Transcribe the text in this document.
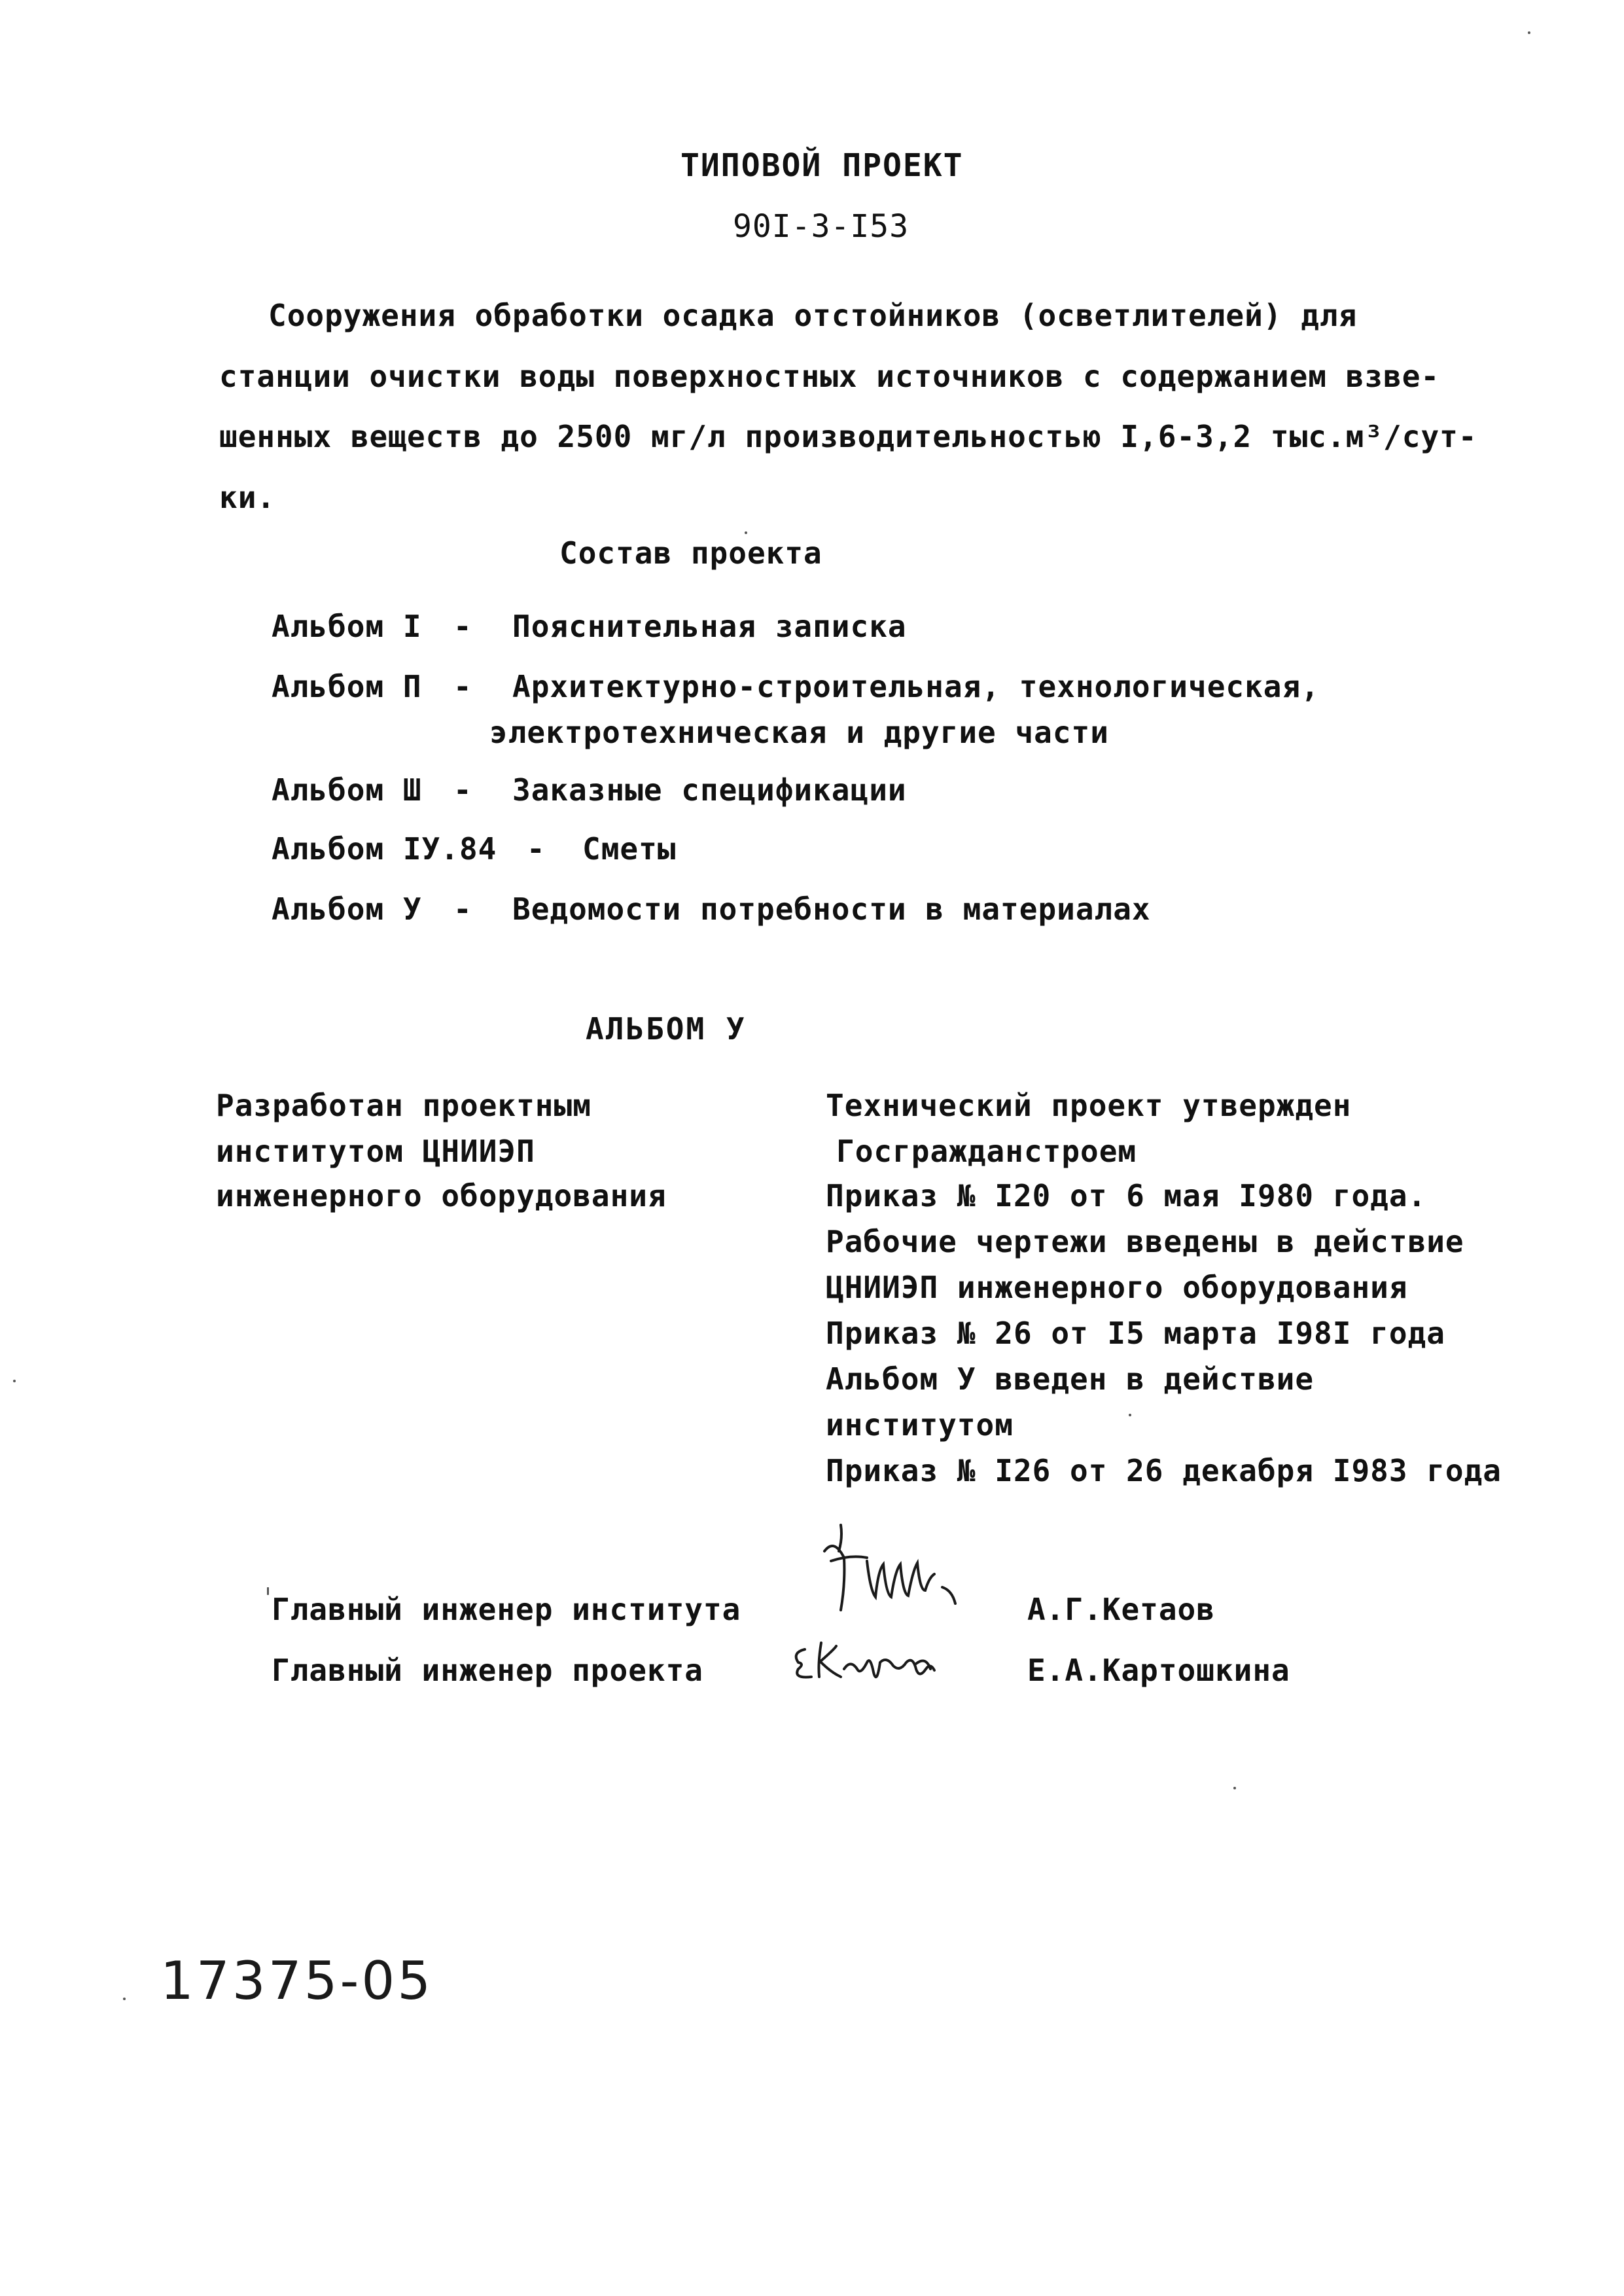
ТИПОВОЙ ПРОЕКТ
90I-3-I53
Сооружения обработки осадка отстойников (осветлителей) для
станции очистки воды поверхностных источников с содержанием взве-
шенных веществ до 2500 мг/л производительностью I,6-3,2 тыс.м³/сут-
ки.
Состав проекта
Альбом I - Пояснительная записка
Альбом П - Архитектурно-строительная, технологическая,
электротехническая и другие части
Альбом Ш - Заказные спецификации
Альбом IУ.84 - Сметы
Альбом У - Ведомости потребности в материалах
АЛЬБОМ У
Разработан проектным
институтом ЦНИИЭП
инженерного оборудования
Технический проект утвержден
Госгражданстроем
Приказ № I20 от 6 мая I980 года.
Рабочие чертежи введены в действие
ЦНИИЭП инженерного оборудования
Приказ № 26 от I5 марта I98I года
Альбом У введен в действие
институтом
Приказ № I26 от 26 декабря I983 года
Главный инженер института	А.Г.Кетаов
Главный инженер проекта	Е.А.Картошкина
17375-05
